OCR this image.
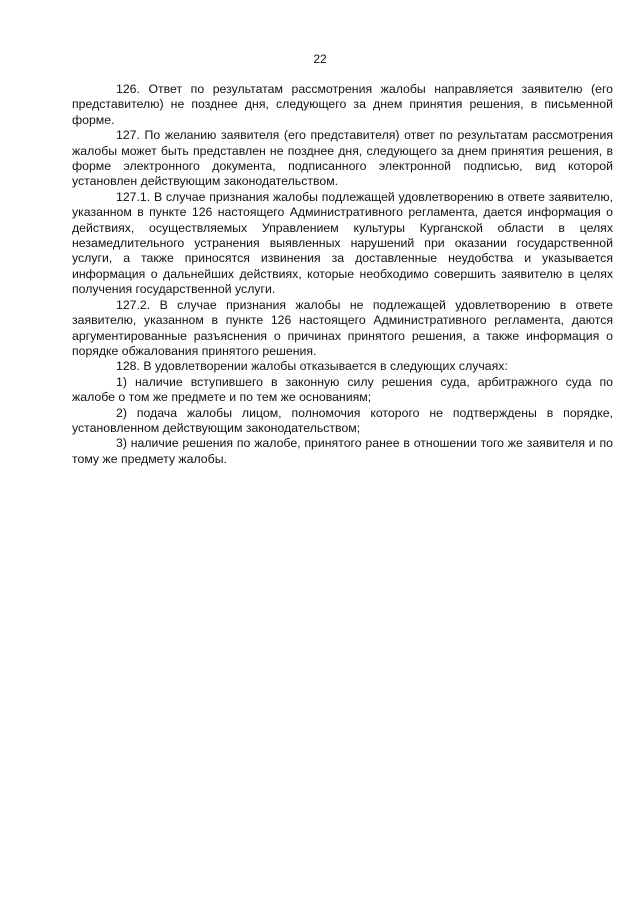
22

126. Ответ по результатам рассмотрения жалобы направляется заявителю (его представителю) не позднее дня, следующего за днем принятия решения, в письменной форме.

127. По желанию заявителя (его представителя) ответ по результатам рассмотрения жалобы может быть представлен не позднее дня, следующего за днем принятия решения, в форме электронного документа, подписанного электронной подписью, вид которой установлен действующим законодательством.

127.1. В случае признания жалобы подлежащей удовлетворению в ответе заявителю, указанном в пункте 126 настоящего Административного регламента, дается информация о действиях, осуществляемых Управлением культуры Курганской области в целях незамедлительного устранения выявленных нарушений при оказании государственной услуги, а также приносятся извинения за доставленные неудобства и указывается информация о дальнейших действиях, которые необходимо совершить заявителю в целях получения государственной услуги.

127.2. В случае признания жалобы не подлежащей удовлетворению в ответе заявителю, указанном в пункте 126 настоящего Административного регламента, даются аргументированные разъяснения о причинах принятого решения, а также информация о порядке обжалования принятого решения.

128. В удовлетворении жалобы отказывается в следующих случаях:

1) наличие вступившего в законную силу решения суда, арбитражного суда по жалобе о том же предмете и по тем же основаниям;

2) подача жалобы лицом, полномочия которого не подтверждены в порядке, установленном действующим законодательством;

3) наличие решения по жалобе, принятого ранее в отношении того же заявителя и по тому же предмету жалобы.
